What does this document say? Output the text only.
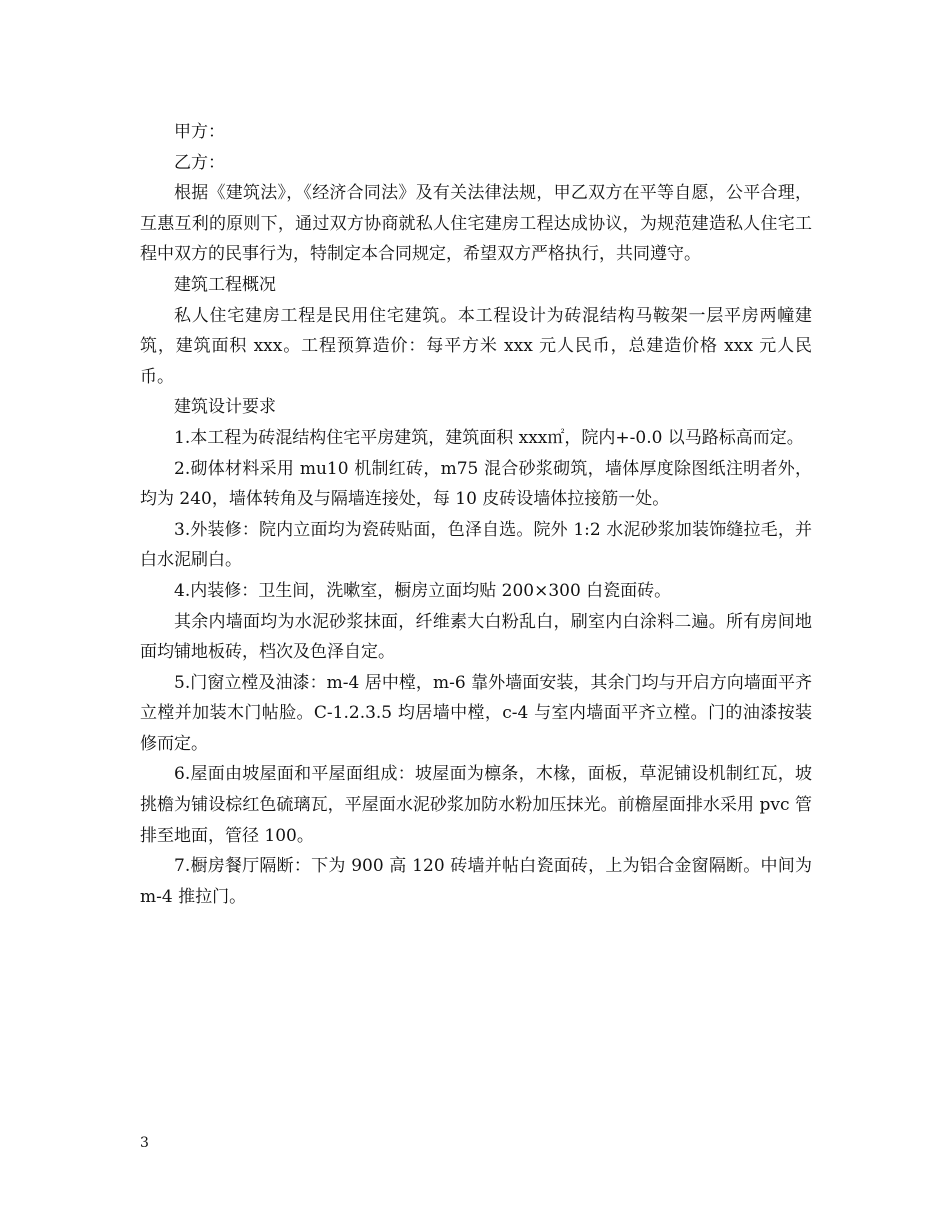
甲方：

乙方：

根据《建筑法》，《经济合同法》及有关法律法规，甲乙双方在平等自愿，公平合理，互惠互利的原则下，通过双方协商就私人住宅建房工程达成协议，为规范建造私人住宅工程中双方的民事行为，特制定本合同规定，希望双方严格执行，共同遵守。

建筑工程概况

私人住宅建房工程是民用住宅建筑。本工程设计为砖混结构马鞍架一层平房两幢建筑，建筑面积 xxx。工程预算造价：每平方米 xxx 元人民币，总建造价格 xxx 元人民币。

建筑设计要求

1.本工程为砖混结构住宅平房建筑，建筑面积 xxx㎡，院内+-0.0 以马路标高而定。

2.砌体材料采用 mu10 机制红砖，m75 混合砂浆砌筑，墙体厚度除图纸注明者外，均为 240，墙体转角及与隔墙连接处，每 10 皮砖设墙体拉接筋一处。

3.外装修：院内立面均为瓷砖贴面，色泽自选。院外 1:2 水泥砂浆加装饰缝拉毛，并白水泥刷白。

4.内装修：卫生间，洗嗽室，橱房立面均贴 200×300 白瓷面砖。

其余内墙面均为水泥砂浆抹面，纤维素大白粉乱白，刷室内白涂料二遍。所有房间地面均铺地板砖，档次及色泽自定。

5.门窗立樘及油漆：m-4 居中樘，m-6 靠外墙面安装，其余门均与开启方向墙面平齐立樘并加装木门帖脸。C-1.2.3.5 均居墙中樘，c-4 与室内墙面平齐立樘。门的油漆按装修而定。

6.屋面由坡屋面和平屋面组成：坡屋面为檩条，木椽，面板，草泥铺设机制红瓦，坡挑檐为铺设棕红色硫璃瓦，平屋面水泥砂浆加防水粉加压抹光。前檐屋面排水采用 pvc 管排至地面，管径 100。

7.橱房餐厅隔断：下为 900 高 120 砖墙并帖白瓷面砖，上为铝合金窗隔断。中间为 m-4 推拉门。

3
